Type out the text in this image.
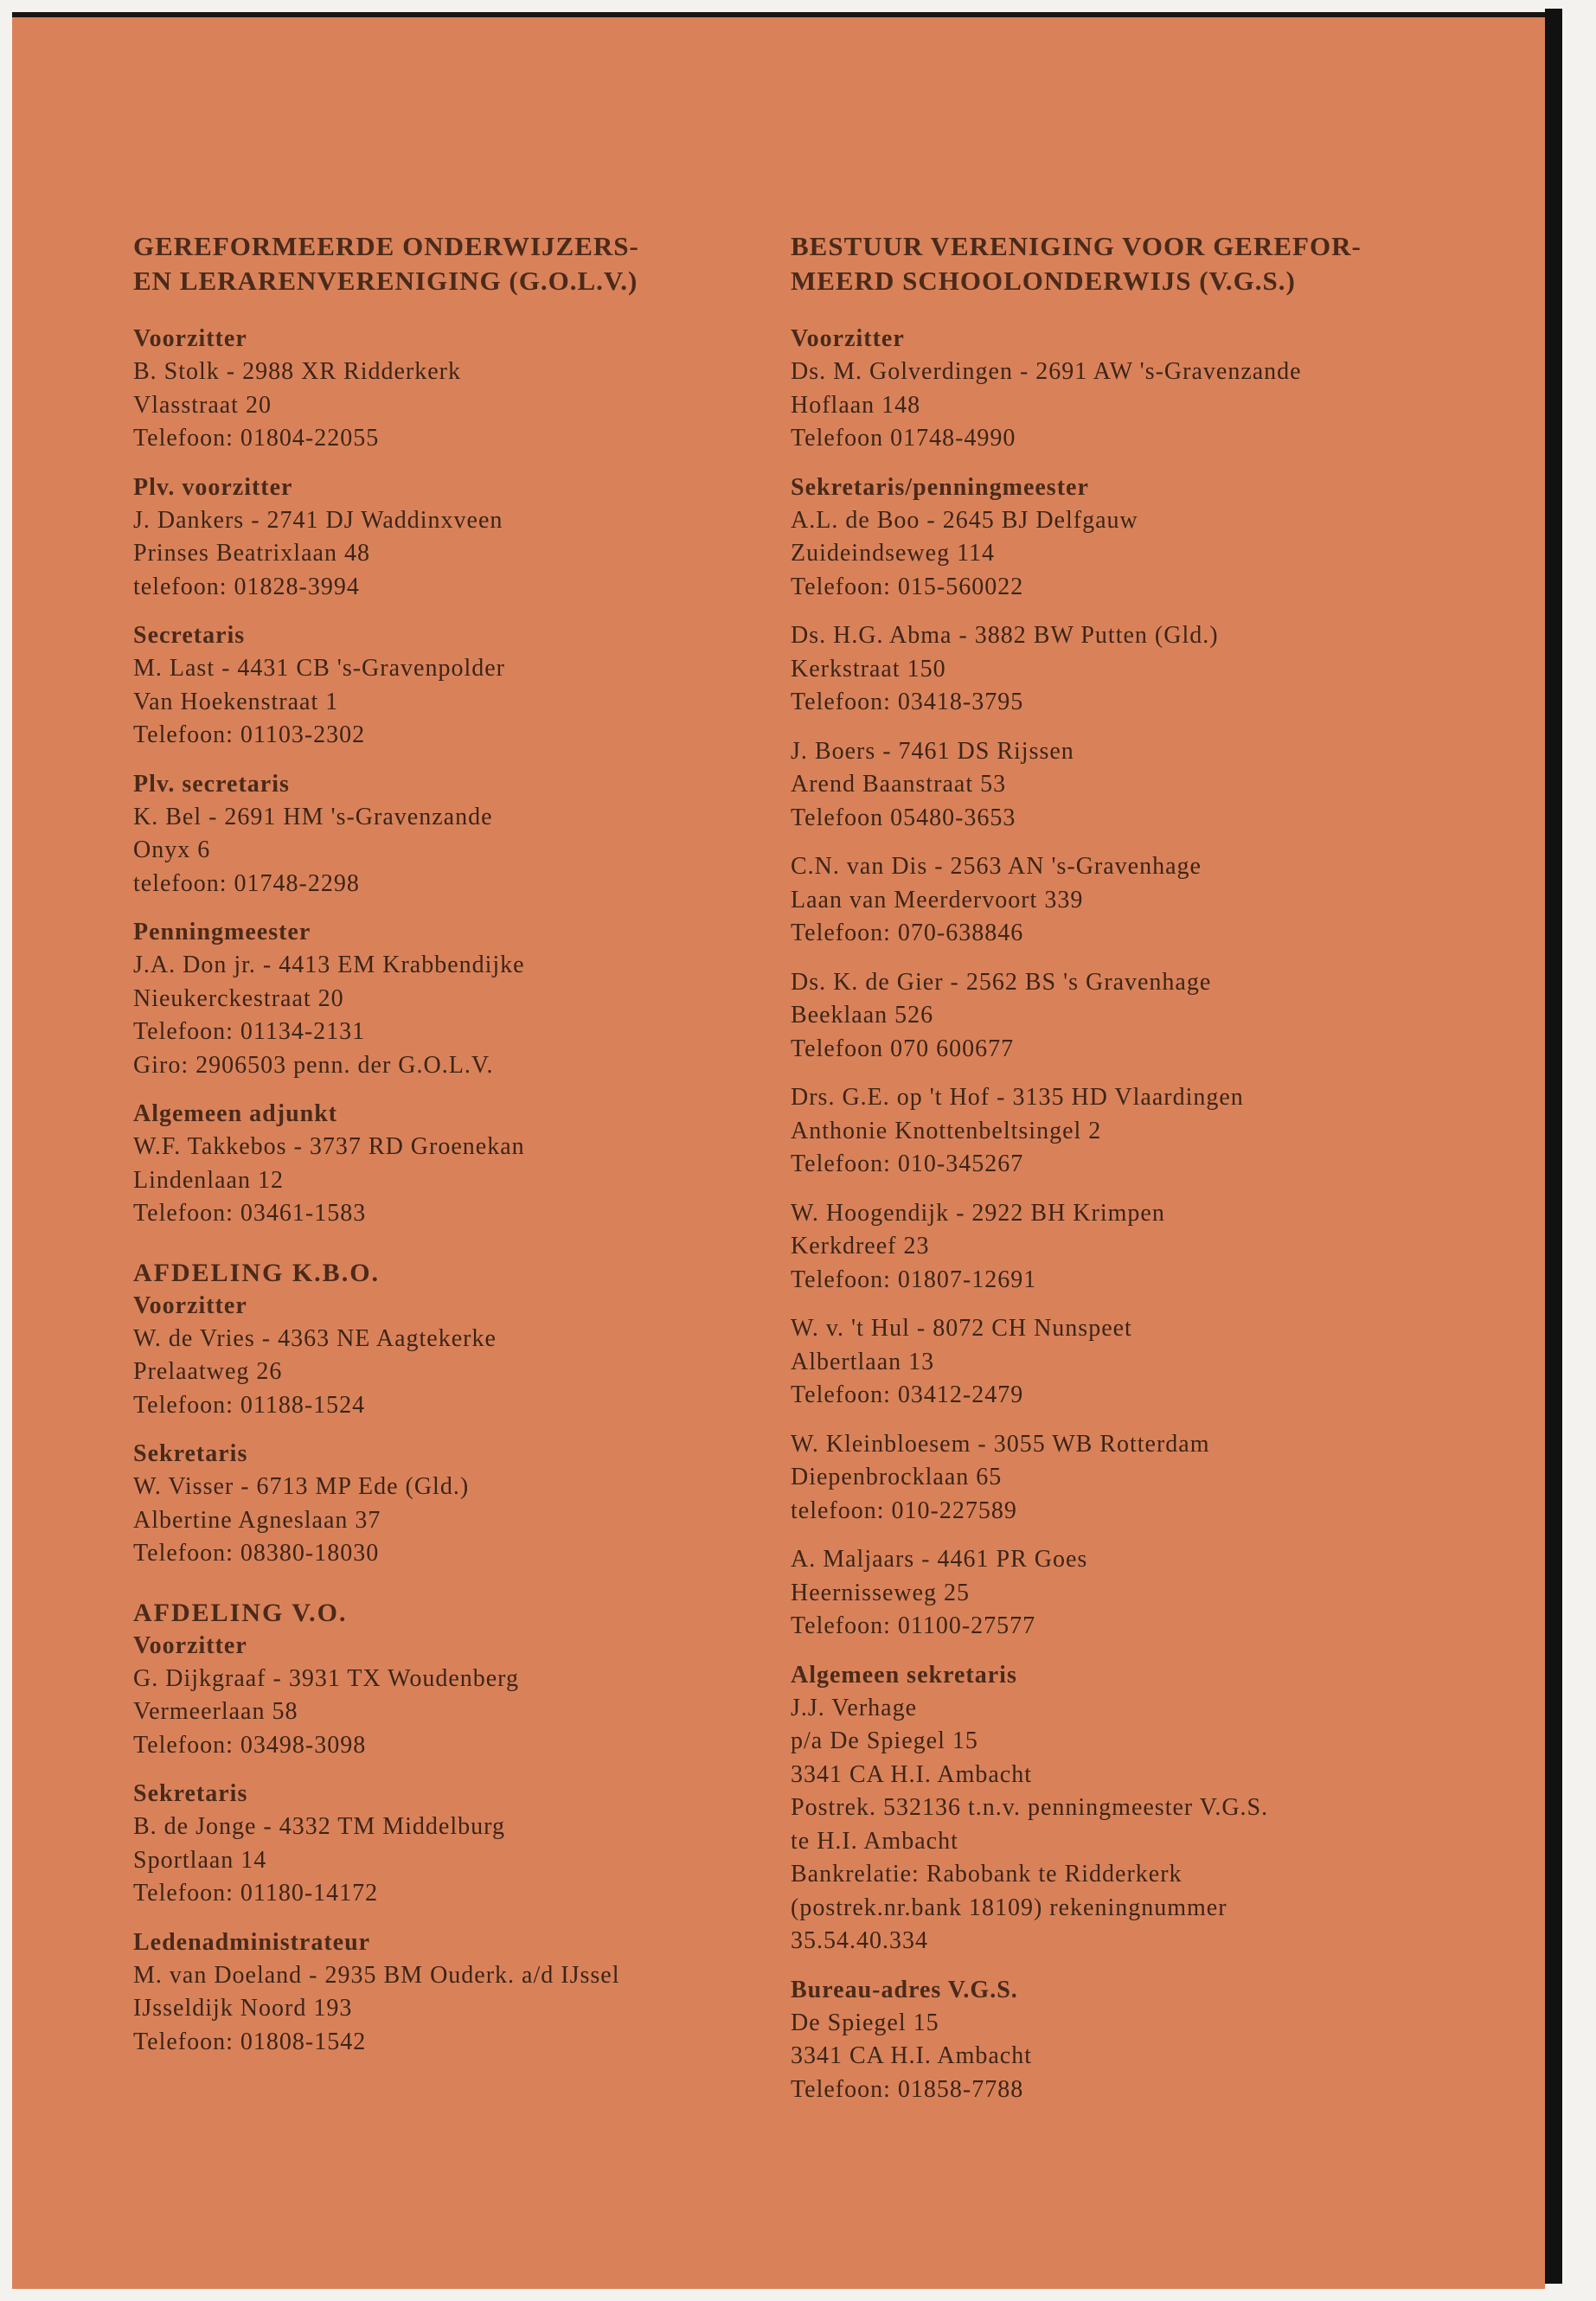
GEREFORMEERDE ONDERWIJZERS-
EN LERARENVERENIGING (G.O.L.V.)
Voorzitter
B. Stolk - 2988 XR Ridderkerk
Vlasstraat 20
Telefoon: 01804-22055
Plv. voorzitter
J. Dankers - 2741 DJ Waddinxveen
Prinses Beatrixlaan 48
telefoon: 01828-3994
Secretaris
M. Last - 4431 CB 's-Gravenpolder
Van Hoekenstraat 1
Telefoon: 01103-2302
Plv. secretaris
K. Bel - 2691 HM 's-Gravenzande
Onyx 6
telefoon: 01748-2298
Penningmeester
J.A. Don jr. - 4413 EM Krabbendijke
Nieukerckestraat 20
Telefoon: 01134-2131
Giro: 2906503 penn. der G.O.L.V.
Algemeen adjunkt
W.F. Takkebos - 3737 RD Groenekan
Lindenlaan 12
Telefoon: 03461-1583
AFDELING K.B.O.
Voorzitter
W. de Vries - 4363 NE Aagtekerke
Prelaatweg 26
Telefoon: 01188-1524
Sekretaris
W. Visser - 6713 MP Ede (Gld.)
Albertine Agneslaan 37
Telefoon: 08380-18030
AFDELING V.O.
Voorzitter
G. Dijkgraaf - 3931 TX Woudenberg
Vermeerlaan 58
Telefoon: 03498-3098
Sekretaris
B. de Jonge - 4332 TM Middelburg
Sportlaan 14
Telefoon: 01180-14172
Ledenadministrateur
M. van Doeland - 2935 BM Ouderk. a/d IJssel
IJsseldijk Noord 193
Telefoon: 01808-1542
BESTUUR VERENIGING VOOR GEREFOR-
MEERD SCHOOLONDERWIJS (V.G.S.)
Voorzitter
Ds. M. Golverdingen - 2691 AW 's-Gravenzande
Hoflaan 148
Telefoon 01748-4990
Sekretaris/penningmeester
A.L. de Boo - 2645 BJ Delfgauw
Zuideindseweg 114
Telefoon: 015-560022
Ds. H.G. Abma - 3882 BW Putten (Gld.)
Kerkstraat 150
Telefoon: 03418-3795
J. Boers - 7461 DS Rijssen
Arend Baanstraat 53
Telefoon 05480-3653
C.N. van Dis - 2563 AN 's-Gravenhage
Laan van Meerdervoort 339
Telefoon: 070-638846
Ds. K. de Gier - 2562 BS 's Gravenhage
Beeklaan 526
Telefoon 070 600677
Drs. G.E. op 't Hof - 3135 HD Vlaardingen
Anthonie Knottenbeltsingel 2
Telefoon: 010-345267
W. Hoogendijk - 2922 BH Krimpen
Kerkdreef 23
Telefoon: 01807-12691
W. v. 't Hul - 8072 CH Nunspeet
Albertlaan 13
Telefoon: 03412-2479
W. Kleinbloesem - 3055 WB Rotterdam
Diepenbrocklaan 65
telefoon: 010-227589
A. Maljaars - 4461 PR Goes
Heernisseweg 25
Telefoon: 01100-27577
Algemeen sekretaris
J.J. Verhage
p/a De Spiegel 15
3341 CA H.I. Ambacht
Postrek. 532136 t.n.v. penningmeester V.G.S.
te H.I. Ambacht
Bankrelatie: Rabobank te Ridderkerk
(postrek.nr.bank 18109) rekeningnummer
35.54.40.334
Bureau-adres V.G.S.
De Spiegel 15
3341 CA H.I. Ambacht
Telefoon: 01858-7788
